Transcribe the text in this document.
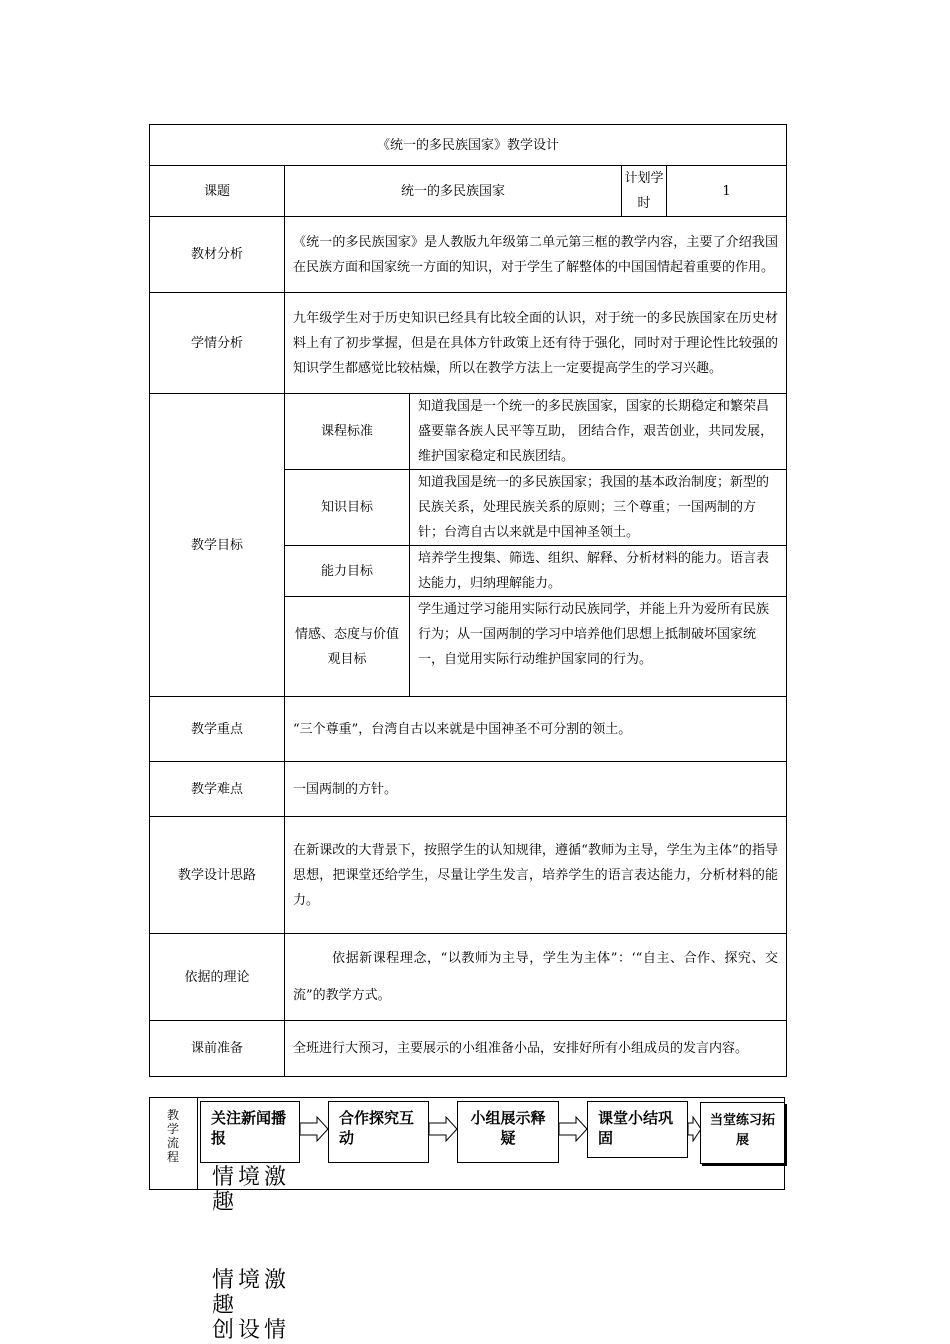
《统一的多民族国家》教学设计				
课题	统一的多民族国家		计划学时	1
教材分析	《统一的多民族国家》是人教版九年级第二单元第三框的教学内容，主要了介绍我国在民族方面和国家统一方面的知识，对于学生了解整体的中国国情起着重要的作用。			
学情分析	九年级学生对于历史知识已经具有比较全面的认识，对于统一的多民族国家在历史材料上有了初步掌握，但是在具体方针政策上还有待于强化，同时对于理论性比较强的知识学生都感觉比较枯燥，所以在教学方法上一定要提高学生的学习兴趣。			
教学目标	课程标准	知道我国是一个统一的多民族国家，国家的长期稳定和繁荣昌盛要靠各族人民平等互助， 团结合作，艰苦创业，共同发展，维护国家稳定和民族团结。		
	知识目标	知道我国是统一的多民族国家；我国的基本政治制度；新型的民族关系，处理民族关系的原则；三个尊重；一国两制的方针；台湾自古以来就是中国神圣领土。		
	能力目标	培养学生搜集、筛选、组织、解释、分析材料的能力。语言表达能力，归纳理解能力。		
	情感、态度与价值观目标	学生通过学习能用实际行动民族同学，并能上升为爱所有民族行为；从一国两制的学习中培养他们思想上抵制破坏国家统一，自觉用实际行动维护国家同的行为。		
教学重点	“三个尊重”，台湾自古以来就是中国神圣不可分割的领土。			
教学难点	一国两制的方针。			
教学设计思路	在新课改的大背景下，按照学生的认知规律，遵循“教师为主导，学生为主体”的指导思想，把课堂还给学生，尽量让学生发言，培养学生的语言表达能力，分析材料的能力。			
依据的理论	依据新课程理念，“以教师为主导，学生为主体”：‘“自主、合作、探究、交流”的教学方式。			
课前准备	全班进行大预习，主要展示的小组准备小品，安排好所有小组成员的发言内容。			
教学流程
关注新闻播报
合作探究互动
小组展示释疑
课堂小结巩固
当堂练习拓展
情境激趣
情境激趣
创设情
